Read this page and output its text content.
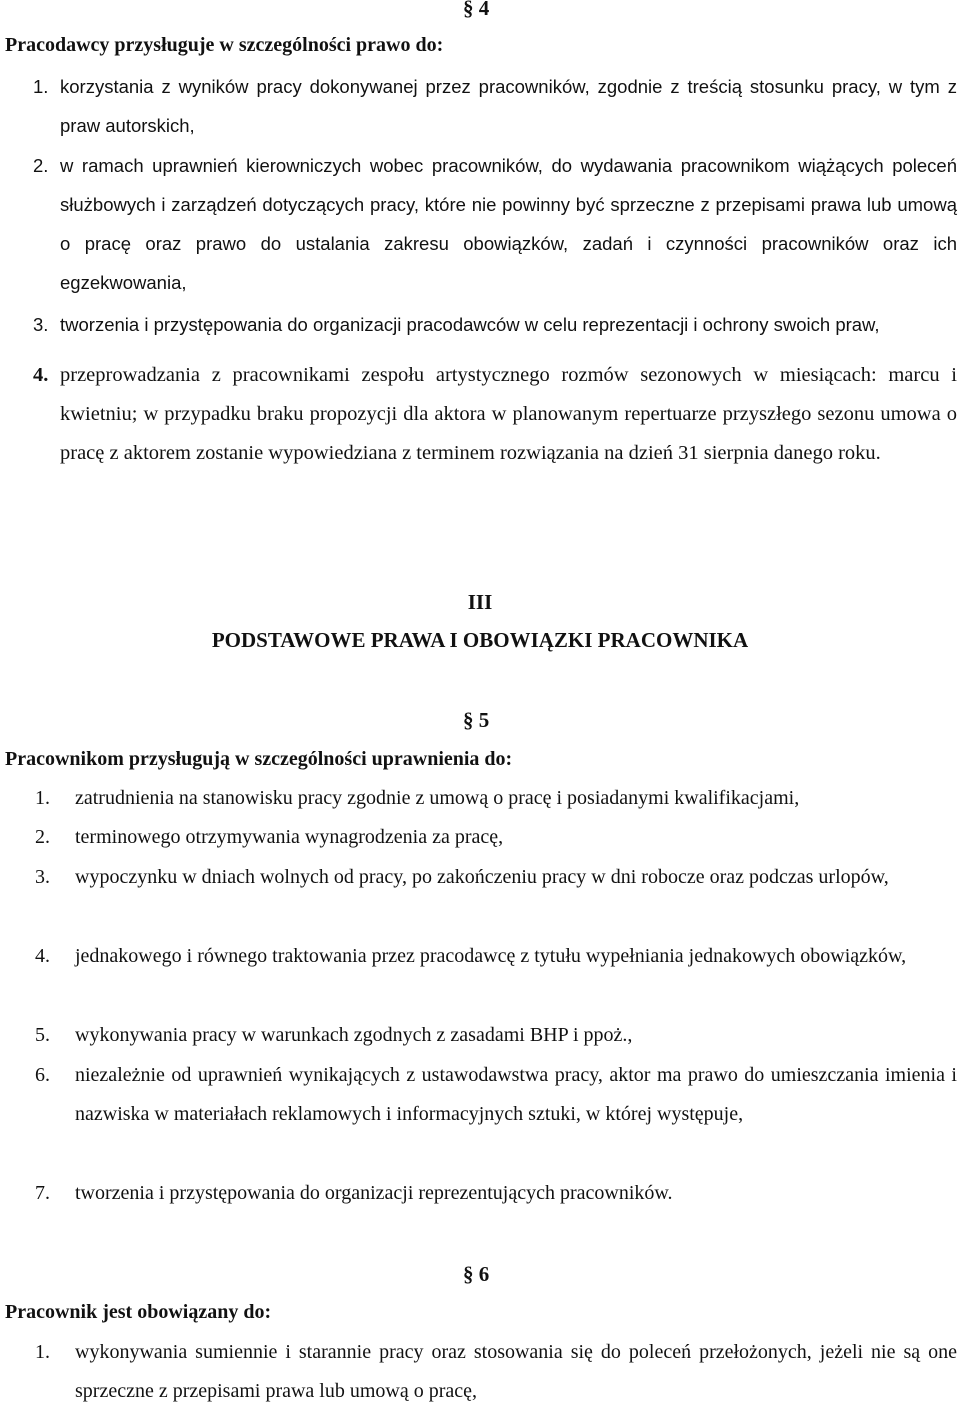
§ 4
Pracodawcy przysługuje w szczególności prawo do:
1. korzystania z wyników pracy dokonywanej przez pracowników, zgodnie z treścią stosunku pracy, w tym z praw autorskich,
2. w ramach uprawnień kierowniczych wobec pracowników, do wydawania pracownikom wiążących poleceń służbowych i zarządzeń dotyczących pracy, które nie powinny być sprzeczne z przepisami prawa lub umową o pracę oraz prawo do ustalania zakresu obowiązków, zadań i czynności pracowników oraz ich egzekwowania,
3. tworzenia i przystępowania do organizacji pracodawców w celu reprezentacji i ochrony swoich praw,
4. przeprowadzania z pracownikami zespołu artystycznego rozmów sezonowych w miesiącach: marcu i kwietniu; w przypadku braku propozycji dla aktora w planowanym repertuarze przyszłego sezonu umowa o pracę z aktorem zostanie wypowiedziana z terminem rozwiązania na dzień 31 sierpnia danego roku.
III
PODSTAWOWE PRAWA I OBOWIĄZKI PRACOWNIKA
§ 5
Pracownikom przysługują w szczególności uprawnienia do:
1.	zatrudnienia na stanowisku pracy zgodnie z umową o pracę i posiadanymi kwalifikacjami,
2.	terminowego otrzymywania wynagrodzenia za pracę,
3.	wypoczynku w dniach wolnych od pracy, po zakończeniu pracy w dni robocze oraz podczas urlopów,
4.	jednakowego i równego traktowania przez pracodawcę z tytułu wypełniania jednakowych obowiązków,
5.	wykonywania pracy w warunkach zgodnych z zasadami BHP i ppoż.,
6.	niezależnie od uprawnień wynikających z ustawodawstwa pracy, aktor ma prawo do umieszczania imienia i nazwiska w materiałach reklamowych i informacyjnych sztuki, w której występuje,
7.	tworzenia i przystępowania do organizacji reprezentujących pracowników.
§ 6
Pracownik jest obowiązany do:
1.	wykonywania sumiennie i starannie pracy oraz stosowania się do poleceń przełożonych, jeżeli nie są one sprzeczne z przepisami prawa lub umową o pracę,
